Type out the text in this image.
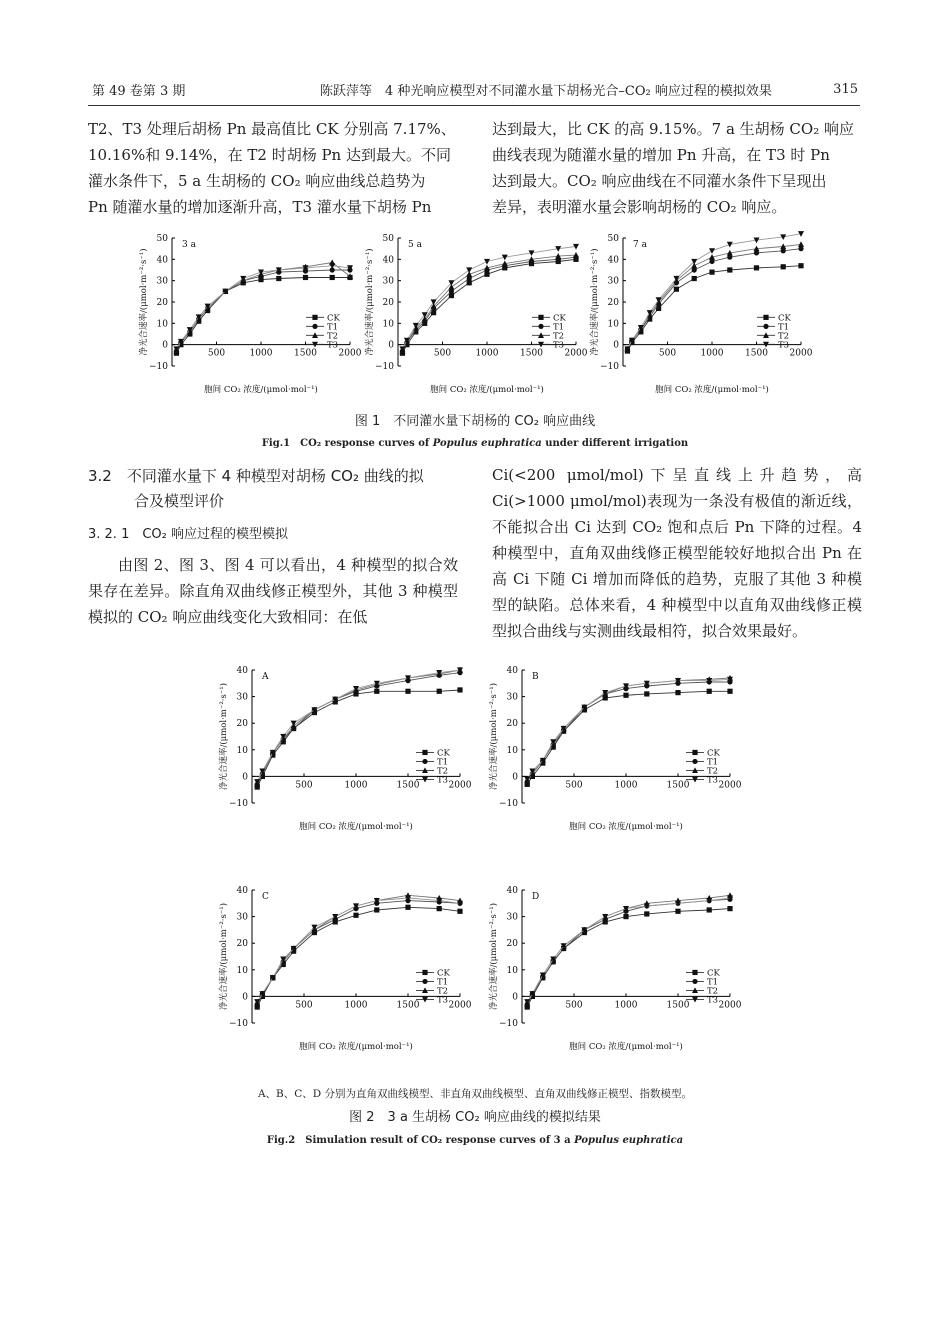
第 49 卷第 3 期	陈跃萍等　4 种光响应模型对不同灌水量下胡杨光合–CO₂ 响应过程的模拟效果	315

T2、T3 处理后胡杨 Pn 最高值比 CK 分别高 7.17%、

10.16%和 9.14%，在 T2 时胡杨 Pn 达到最大。不同

灌水条件下，5 a 生胡杨的 CO₂ 响应曲线总趋势为

Pn 随灌水量的增加逐渐升高，T3 灌水量下胡杨 Pn

达到最大，比 CK 的高 9.15%。7 a 生胡杨 CO₂ 响应

曲线表现为随灌水量的增加 Pn 升高，在 T3 时 Pn

达到最大。CO₂ 响应曲线在不同灌水条件下呈现出

差异，表明灌水量会影响胡杨的 CO₂ 响应。

−10
0
10
20
30
40
50
500	1000 1500 2000
3 a
胞间 CO₂ 浓度/(μmol·mol⁻¹)
净光合速率/(μmol·m⁻²·s⁻¹)	CK
T1
T2
T3
−10
0
10
20
30
40
50
500	1000 1500 2000
5 a
胞间 CO₂ 浓度/(μmol·mol⁻¹)
净光合速率/(μmol·m⁻²·s⁻¹)	CK
T1
T2
T3
−10
0
10
20
30
40
50
500	1000 1500 2000
7 a
胞间 CO₂ 浓度/(μmol·mol⁻¹)
净光合速率/(μmol·m⁻²·s⁻¹)	CK
T1
T2
T3
图 1　不同灌水量下胡杨的 CO₂ 响应曲线
Fig.1　CO₂ response curves of Populus euphratica under different irrigation
3.2　不同灌水量下 4 种模型对胡杨 CO₂ 曲线的拟
合及模型评价
3. 2. 1　CO₂ 响应过程的模型模拟

由图 2、图 3、图 4 可以看出，4 种模型的拟合效果存在差异。除直角双曲线修正模型外，其他 3 种模型模拟的 CO₂ 响应曲线变化大致相同：在低

Ci(<200 μmol/mol)下呈直线上升趋势，高 Ci(>1000 μmol/mol)表现为一条没有极值的渐近线，不能拟合出 Ci 达到 CO₂ 饱和点后 Pn 下降的过程。4 种模型中，直角双曲线修正模型能较好地拟合出 Pn 在高 Ci 下随 Ci 增加而降低的趋势，克服了其他 3 种模型的缺陷。总体来看，4 种模型中以直角双曲线修正模型拟合曲线与实测曲线最相符，拟合效果最好。

−10
0
10
20
30
40
500	1000	1500	2000
A
胞间 CO₂ 浓度/(μmol·mol⁻¹)
净光合速率/(μmol·m⁻²·s⁻¹)	CK
T1
T2
T3
−10
0
10
20
30
40
500	1000	1500	2000
B
胞间 CO₂ 浓度/(μmol·mol⁻¹)
净光合速率/(μmol·m⁻²·s⁻¹)	CK
T1
T2
T3
−10
0
10
20
30
40
500	1000	1500	2000
C
胞间 CO₂ 浓度/(μmol·mol⁻¹)
净光合速率/(μmol·m⁻²·s⁻¹)	CK
T1
T2
T3
−10
0
10
20
30
40
500	1000	1500	2000
D
胞间 CO₂ 浓度/(μmol·mol⁻¹)
净光合速率/(μmol·m⁻²·s⁻¹)	CK
T1
T2
T3
A、B、C、D 分别为直角双曲线模型、非直角双曲线模型、直角双曲线修正模型、指数模型。
图 2　3 a 生胡杨 CO₂ 响应曲线的模拟结果
Fig.2　Simulation result of CO₂ response curves of 3 a Populus euphratica
